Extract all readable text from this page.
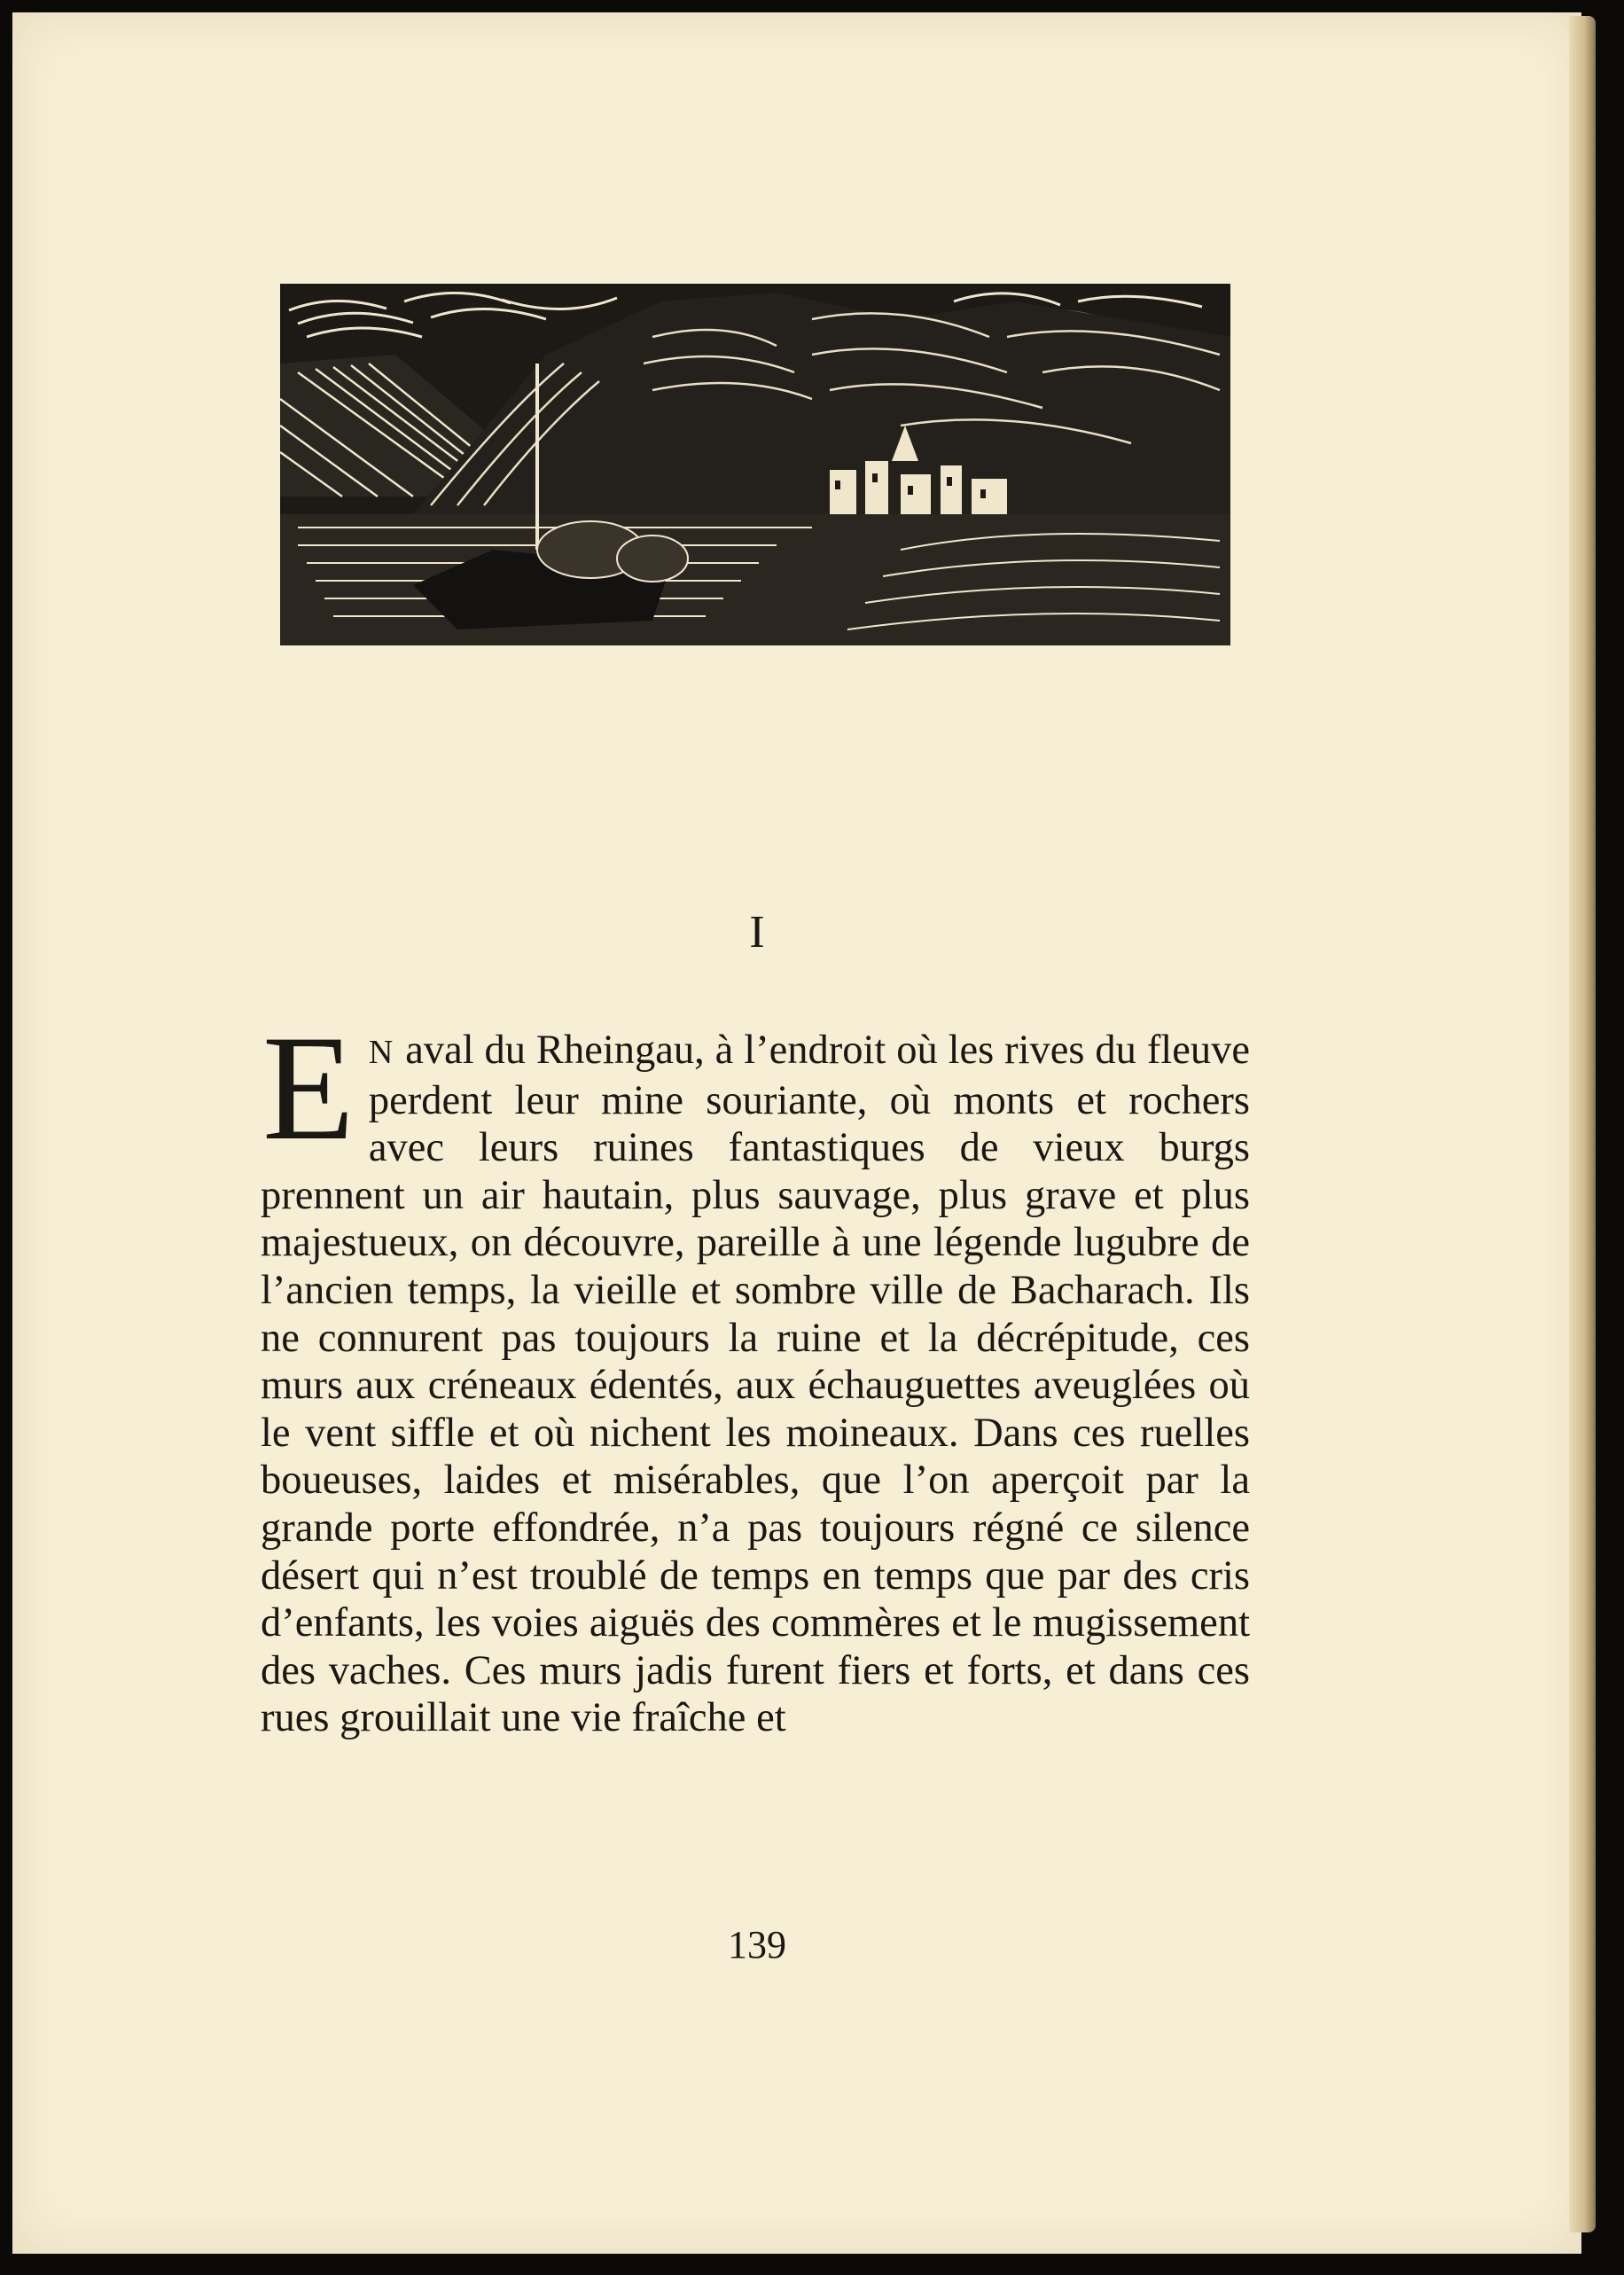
I
E N aval du Rheingau, à l’endroit où les rives du fleuve perdent leur mine souriante, où monts et rochers avec leurs ruines fantastiques de vieux burgs prennent un air hautain, plus sauvage, plus grave et plus majestueux, on découvre, pareille à une légende lugubre de l’ancien temps, la vieille et sombre ville de Bacharach. Ils ne connurent pas toujours la ruine et la décrépitude, ces murs aux créneaux édentés, aux échauguettes aveuglées où le vent siffle et où nichent les moineaux. Dans ces ruelles boueuses, laides et misérables, que l’on aperçoit par la grande porte effondrée, n’a pas toujours régné ce silence désert qui n’est troublé de temps en temps que par des cris d’enfants, les voies aiguës des commères et le mugissement des vaches. Ces murs jadis furent fiers et forts, et dans ces rues grouillait une vie fraîche et
139
